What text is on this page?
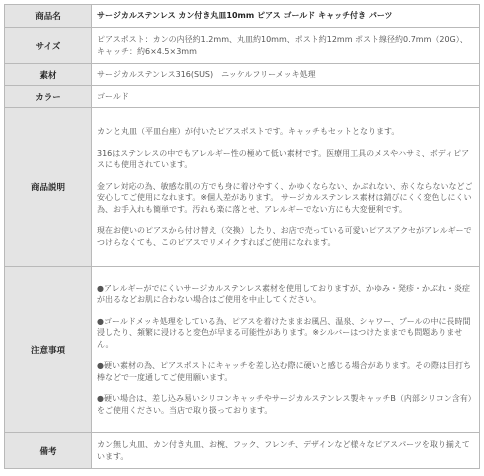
商品名	サージカルステンレス カン付き丸皿10mm ピアス ゴールド キャッチ付き パーツ
サイズ	ピアスポスト：カンの内径約1.2mm、丸皿約10mm、ポスト約12mm ポスト線径約0.7mm（20G）、キャッチ：約6×4.5×3mm
素材	サージカルステンレス316(SUS)　ニッケルフリーメッキ処理
カラー	ゴールド
商品説明	カンと丸皿（平皿台座）が付いたピアスポストです。キャッチもセットとなります。

316はステンレスの中でもアレルギー性の極めて低い素材です。医療用工具のメスやハサミ、ボディピアスにも使用されています。

金アレ対応の為、敏感な肌の方でも身に着けやすく、かゆくならない、かぶれない、赤くならないなどご安心してご使用になれます。※個人差があります。 サージカルステンレス素材は錆びにくく変色しにくい為、お手入れも簡単です。汚れも楽に落とせ、アレルギーでない方にも大変便利です。

現在お使いのピアスから付け替え（交換）したり、お店で売っている可愛いピアスアクセがアレルギーでつけらなくても、このピアスでリメイクすればご使用になれます。

注意事項	●アレルギーがでにくいサージカルステンレス素材を使用しておりますが、かゆみ・発疹・かぶれ・炎症が出るなどお肌に合わない場合はご使用を中止してください。

●ゴールドメッキ処理をしている為、ピアスを着けたままお風呂、温泉、シャワー、プールの中に長時間浸したり、頻繁に浸けると変色が早まる可能性があります。※シルバーはつけたままでも問題ありません。

●硬い素材の為、ピアスポストにキャッチを差し込む際に硬いと感じる場合があります。その際は目打ち棒などで一度通してご使用願います。

●硬い場合は、差し込み易いシリコンキャッチやサージカルステンレス製キャッチB（内部シリコン含有）をご使用ください。当店で取り扱っております。

備考	カン無し丸皿、カン付き丸皿、お椀、フック、フレンチ、デザインなど様々なピアスパーツを取り揃えています。
